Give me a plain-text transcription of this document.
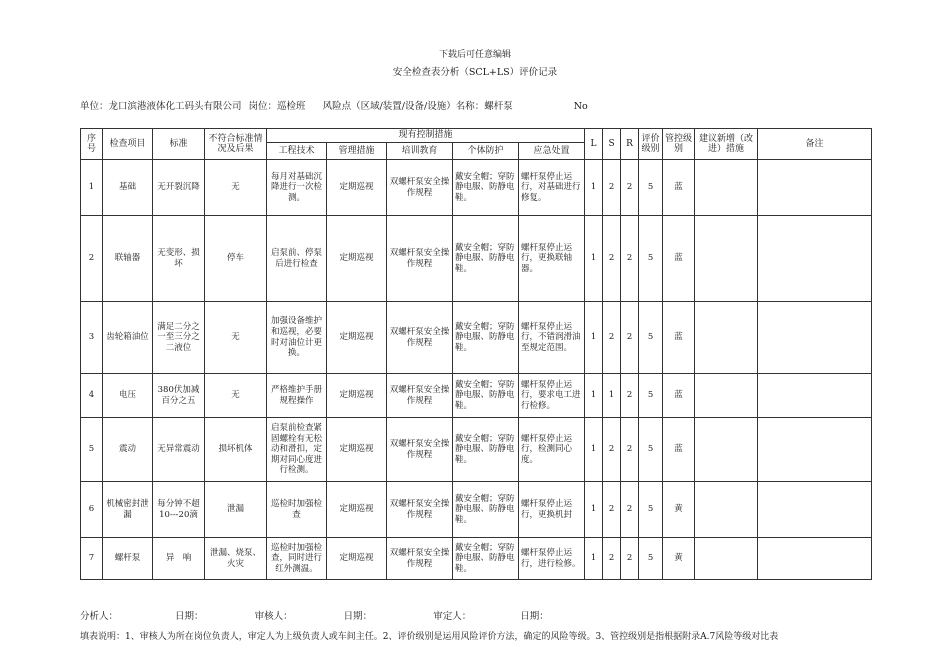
下载后可任意编辑
安全检查表分析（SCL+LS）评价记录
单位：龙口滨港液体化工码头有限公司 岗位：巡检班 风险点（区域/装置/设备/设施）名称：螺杆泵	No
序号	检查项目	标准	不符合标准情况及后果	现有控制措施					L	S	R	评价级别	管控级别	建议新增（改进）措施	备注
				工程技术	管理措施	培训教育	个体防护	应急处置							
1	基础	无开裂沉降	无	每月对基础沉降进行一次检测。	定期巡视	双螺杆泵安全操作规程	戴安全帽；穿防静电服、防静电鞋。	螺杆泵停止运行，对基础进行修复。	1	2	2	5	蓝		
2	联轴器	无变形、损坏	停车	启泵前、停泵后进行检查	定期巡视	双螺杆泵安全操作规程	戴安全帽；穿防静电服、防静电鞋。	螺杆泵停止运行，更换联轴器。	1	2	2	5	蓝		
3	齿轮箱油位	满足二分之一至三分之二液位	无	加强设备维护和巡视，必要时对油位计更换。	定期巡视	双螺杆泵安全操作规程	戴安全帽；穿防静电服、防静电鞋。	螺杆泵停止运行，不错润滑油至规定范围。	1	2	2	5	蓝		
4	电压	380伏加减百分之五	无	严格维护手册规程操作	定期巡视	双螺杆泵安全操作规程	戴安全帽；穿防静电服、防静电鞋。	螺杆泵停止运行，要求电工进行检修。	1	1	2	5	蓝		
5	震动	无异常震动	损坏机体	启泵前检查紧固螺栓有无松动和滑扣，定期对同心度进行检测。	定期巡视	双螺杆泵安全操作规程	戴安全帽；穿防静电服、防静电鞋。	螺杆泵停止运行，检测同心度。	1	2	2	5	蓝		
6	机械密封泄漏	每分钟不超10---20滴	泄漏	巡检时加强检查	定期巡视	双螺杆泵安全操作规程	戴安全帽；穿防静电服、防静电鞋。	螺杆泵停止运行，更换机封	1	2	2	5	黄		
7	螺杆泵	异　响	泄漏、烧泵、火灾	巡检时加强检查，同时进行红外测温。	定期巡视	双螺杆泵安全操作规程	戴安全帽；穿防静电服、防静电鞋。	螺杆泵停止运行，进行检修。	1	2	2	5	黄		
分析人：	日期：	审核人：	日期：	审定人：	日期：
填表说明：1、审核人为所在岗位负责人，审定人为上级负责人或车间主任。2、评价级别是运用风险评价方法，确定的风险等级。3、管控级别是指根据附录A.7风险等级对比表
